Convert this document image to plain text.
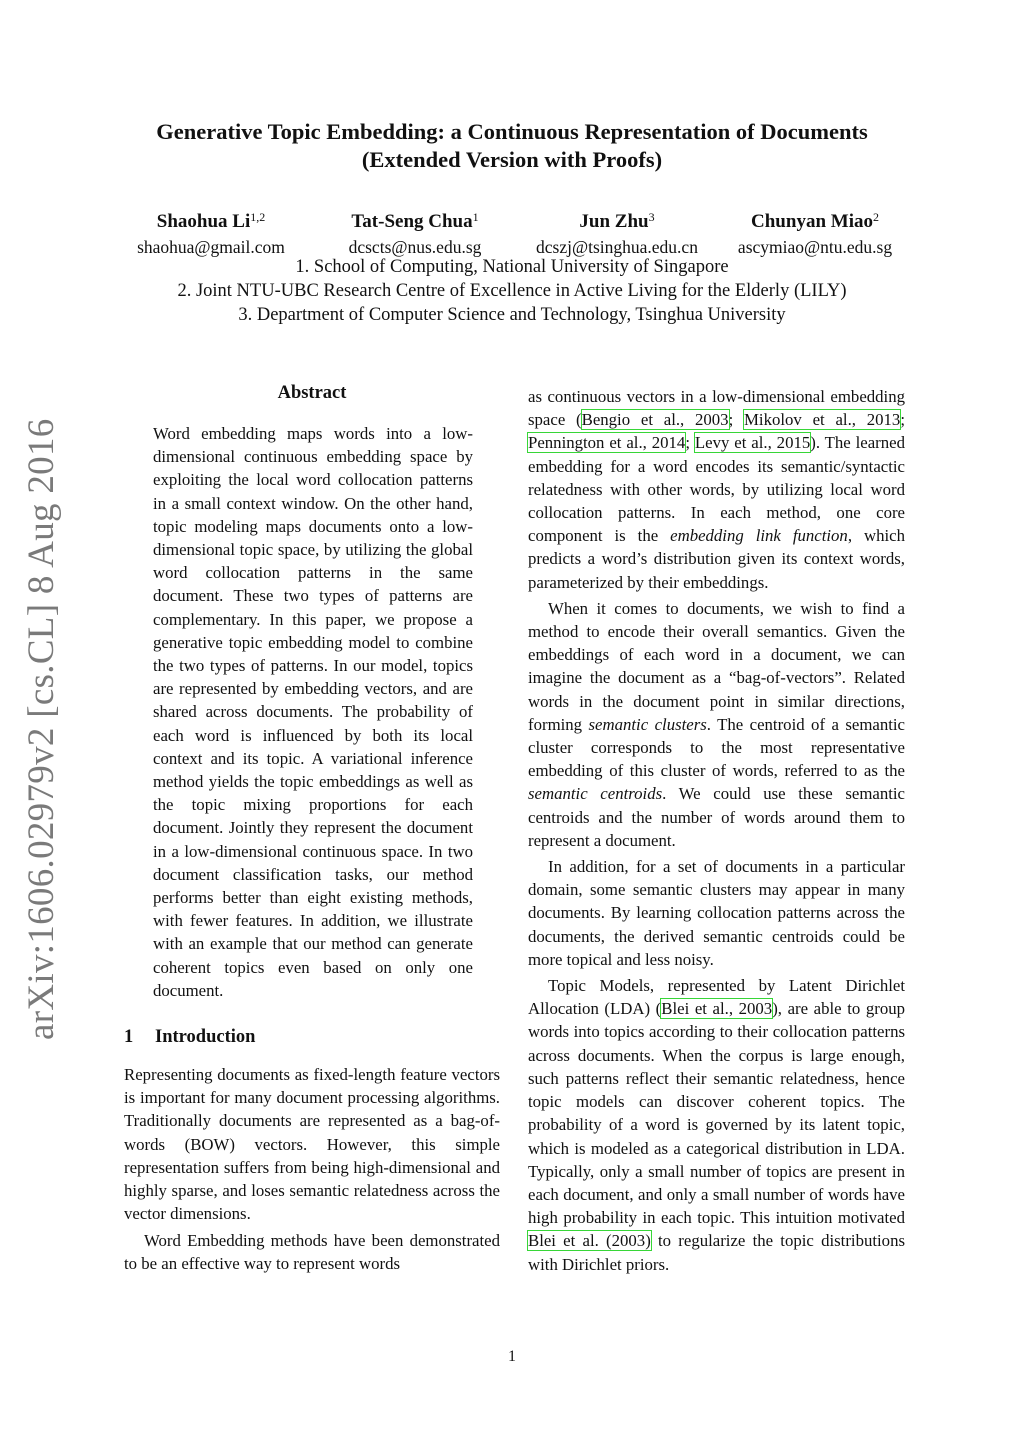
Generative Topic Embedding: a Continuous Representation of Documents
(Extended Version with Proofs)
Shaohua Li$^{1,2}$
shaohua@gmail.com
Tat-Seng Chua$^1$
dcscts@nus.edu.sg
Jun Zhu$^3$
dcszj@tsinghua.edu.cn
Chunyan Miao$^2$
ascymiao@ntu.edu.sg
1. School of Computing, National University of Singapore
2. Joint NTU-UBC Research Centre of Excellence in Active Living for the Elderly (LILY)
3. Department of Computer Science and Technology, Tsinghua University
arXiv:1606.02979v2 [cs.CL] 8 Aug 2016
Abstract

Word embedding maps words into a low-dimensional continuous embedding space by exploiting the local word collocation patterns in a small context window. On the other hand, topic modeling maps documents onto a low-dimensional topic space, by utilizing the global word collocation patterns in the same document. These two types of patterns are complementary. In this paper, we propose a generative topic embedding model to combine the two types of patterns. In our model, topics are represented by embedding vectors, and are shared across documents. The probability of each word is influenced by both its local context and its topic. A variational inference method yields the topic embeddings as well as the topic mixing proportions for each document. Jointly they represent the document in a low-dimensional continuous space. In two document classification tasks, our method performs better than eight existing methods, with fewer features. In addition, we illustrate with an example that our method can generate coherent topics even based on only one document.

1 Introduction

Representing documents as fixed-length feature vectors is important for many document processing algorithms. Traditionally documents are represented as a bag-of-words (BOW) vectors. However, this simple representation suffers from being high-dimensional and highly sparse, and loses semantic relatedness across the vector dimensions.

Word Embedding methods have been demonstrated to be an effective way to represent words

as continuous vectors in a low-dimensional embedding space (Bengio et al., 2003; Mikolov et al., 2013; Pennington et al., 2014; Levy et al., 2015). The learned embedding for a word encodes its semantic/syntactic relatedness with other words, by utilizing local word collocation patterns. In each method, one core component is the embedding link function, which predicts a word’s distribution given its context words, parameterized by their embeddings.

When it comes to documents, we wish to find a method to encode their overall semantics. Given the embeddings of each word in a document, we can imagine the document as a “bag-of-vectors”. Related words in the document point in similar directions, forming semantic clusters. The centroid of a semantic cluster corresponds to the most representative embedding of this cluster of words, referred to as the semantic centroids. We could use these semantic centroids and the number of words around them to represent a document.

In addition, for a set of documents in a particular domain, some semantic clusters may appear in many documents. By learning collocation patterns across the documents, the derived semantic centroids could be more topical and less noisy.

Topic Models, represented by Latent Dirichlet Allocation (LDA) (Blei et al., 2003), are able to group words into topics according to their collocation patterns across documents. When the corpus is large enough, such patterns reflect their semantic relatedness, hence topic models can discover coherent topics. The probability of a word is governed by its latent topic, which is modeled as a categorical distribution in LDA. Typically, only a small number of topics are present in each document, and only a small number of words have high probability in each topic. This intuition motivated Blei et al. (2003) to regularize the topic distributions with Dirichlet priors.

1
